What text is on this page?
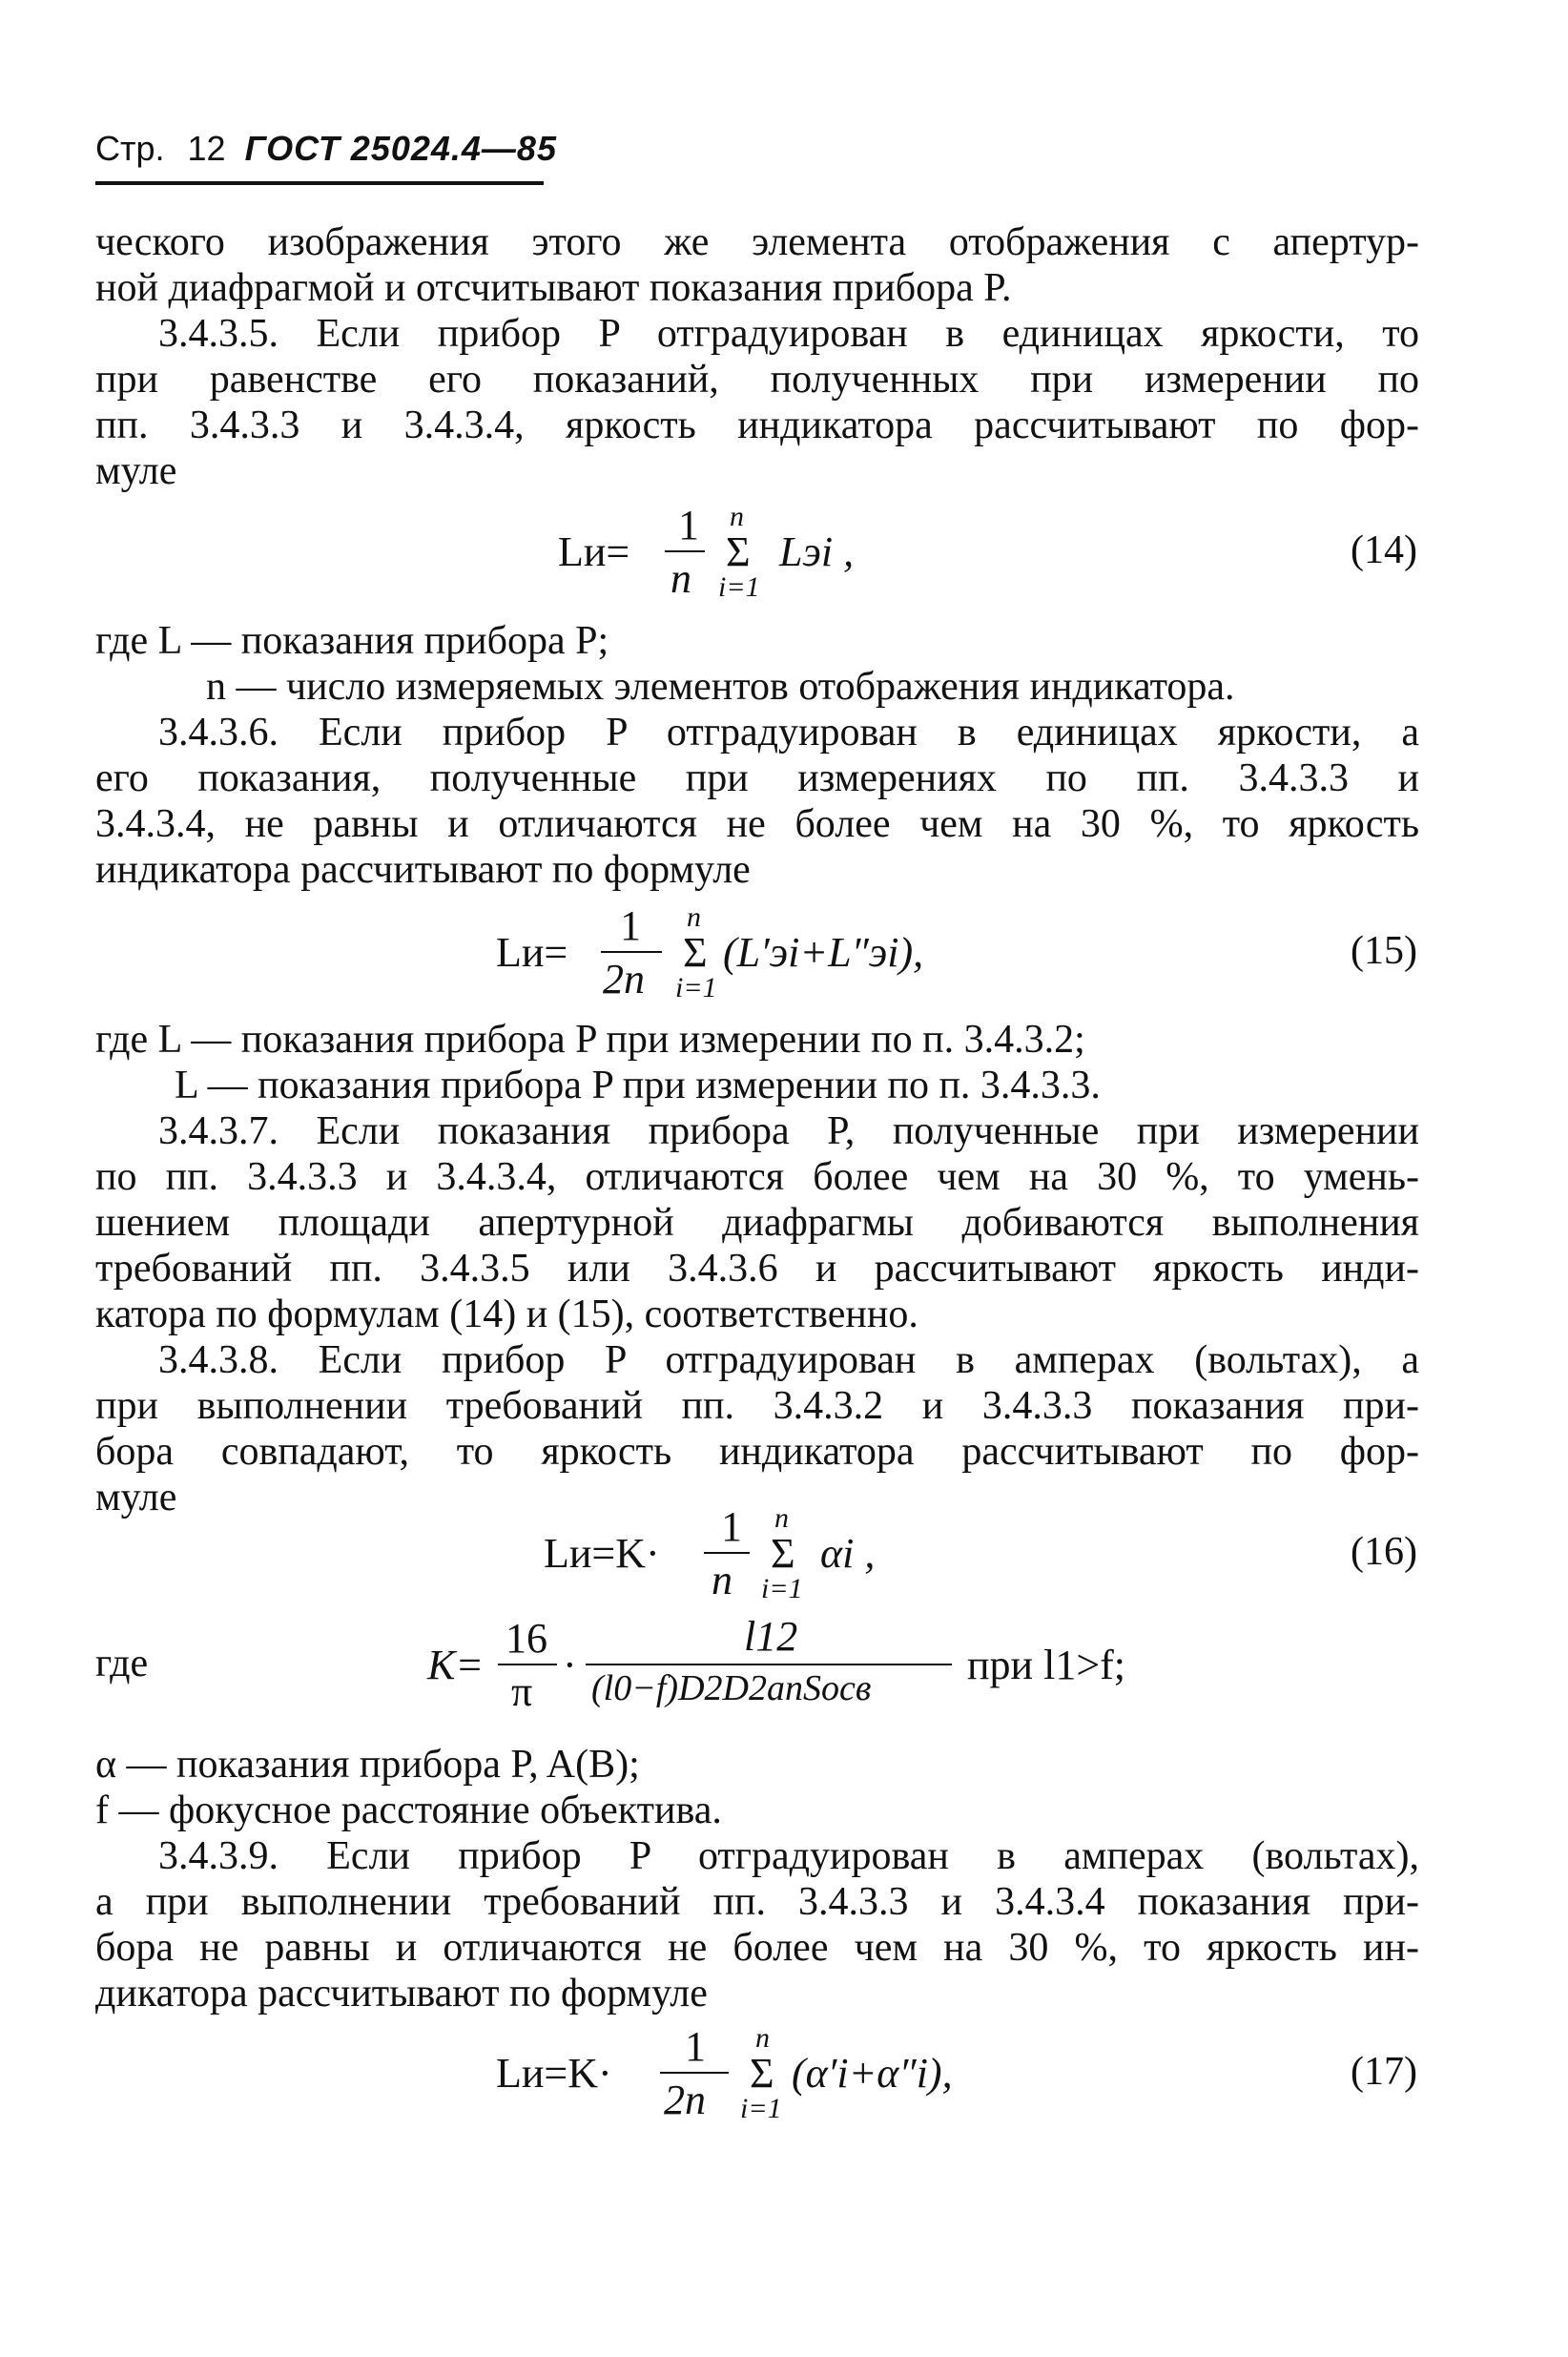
Стр. 12 ГОСТ 25024.4—85
ческого изображения этого же элемента отображения с апертур-
ной диафрагмой и отсчитывают показания прибора P.
3.4.3.5. Если прибор P отградуирован в единицах яркости, то
при равенстве его показаний, полученных при измерении по
пп. 3.4.3.3 и 3.4.3.4, яркость индикатора рассчитывают по фор-
муле
Lи=
1
n
n
Σ
i=1
Lэi ,	(14)
где L — показания прибора P;
n — число измеряемых элементов отображения индикатора.
3.4.3.6. Если прибор P отградуирован в единицах яркости, а
его показания, полученные при измерениях по пп. 3.4.3.3 и
3.4.3.4, не равны и отличаются не более чем на 30 %, то яркость
индикатора рассчитывают по формуле
Lи=
1
2n
n
Σ
i=1
(L′эi+L″эi),	(15)
где L — показания прибора P при измерении по п. 3.4.3.2;
L — показания прибора P при измерении по п. 3.4.3.3.
3.4.3.7. Если показания прибора P, полученные при измерении
по пп. 3.4.3.3 и 3.4.3.4, отличаются более чем на 30 %, то умень-
шением площади апертурной диафрагмы добиваются выполнения
требований пп. 3.4.3.5 или 3.4.3.6 и рассчитывают яркость инди-
катора по формулам (14) и (15), соответственно.
3.4.3.8. Если прибор P отградуирован в амперах (вольтах), а
при выполнении требований пп. 3.4.3.2 и 3.4.3.3 показания при-
бора совпадают, то яркость индикатора рассчитывают по фор-
муле
Lи=K·
1
n
n
Σ
i=1
αi ,	(16)
где	K=
16
π
·
l12
(l0−f)D2D2апSосв при l1>f;
α — показания прибора P, A(B);
f — фокусное расстояние объектива.
3.4.3.9. Если прибор P отградуирован в амперах (вольтах),
а при выполнении требований пп. 3.4.3.3 и 3.4.3.4 показания при-
бора не равны и отличаются не более чем на 30 %, то яркость ин-
дикатора рассчитывают по формуле
Lи=K·
1
2n
n
Σ
i=1
(α′i+α″i),	(17)
